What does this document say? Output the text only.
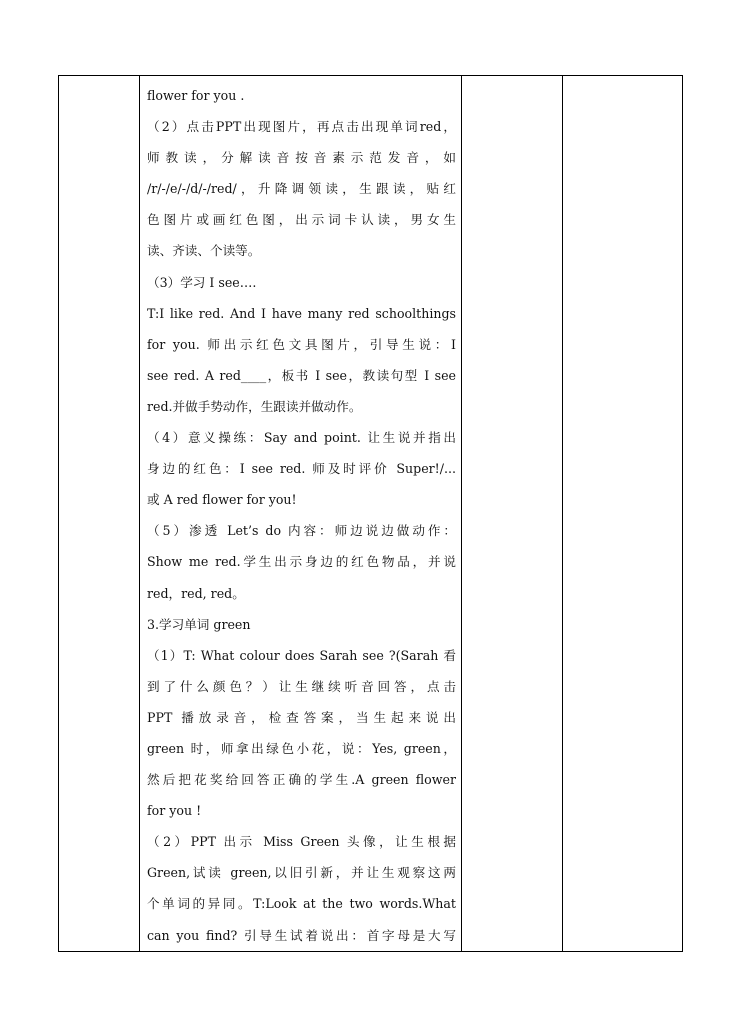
flower for you .
（2）点击PPT出现图片，再点击出现单词red，
师教读，分解读音按音素示范发音，如
/r/-/e/-/d/-/red/，升降调领读，生跟读，贴红
色图片或画红色图，出示词卡认读，男女生
读、齐读、个读等。
（3）学习 I see….
T:I like red. And I have many red schoolthings
for you. 师出示红色文具图片，引导生说：I
see red. A red____，板书 I see，教读句型 I see
red.并做手势动作，生跟读并做动作。
（4）意义操练：Say and point. 让生说并指出
身边的红色：I see red. 师及时评价 Super!/...
或 A red flower for you!
（5）渗透 Let’s do 内容：师边说边做动作：
Show me red.学生出示身边的红色物品，并说
red，red, red。
3.学习单词 green
（1）T: What colour does Sarah see ?(Sarah 看
到了什么颜色？）让生继续听音回答，点击
PPT 播放录音，检查答案，当生起来说出
green 时，师拿出绿色小花，说：Yes, green，
然后把花奖给回答正确的学生.A green flower
for you !
（2）PPT 出示 Miss Green 头像，让生根据
Green,试读 green,以旧引新，并让生观察这两
个单词的异同。T:Look at the two words.What
can you find? 引导生试着说出：首字母是大写
